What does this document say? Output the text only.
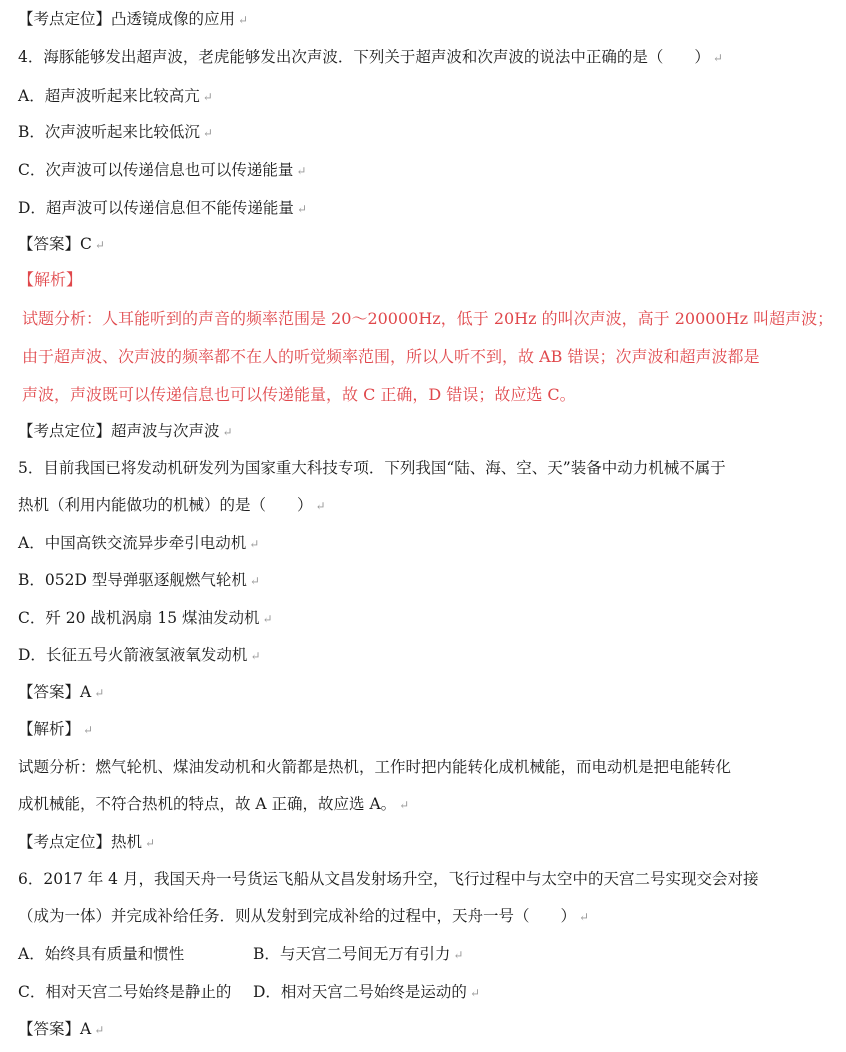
【考点定位】凸透镜成像的应用 ↵
4．海豚能够发出超声波，老虎能够发出次声波．下列关于超声波和次声波的说法中正确的是（　　） ↵
A．超声波听起来比较高亢 ↵
B．次声波听起来比较低沉 ↵
C．次声波可以传递信息也可以传递能量 ↵
D．超声波可以传递信息但不能传递能量 ↵
【答案】C ↵
【解析】
试题分析：人耳能听到的声音的频率范围是 20～20000Hz，低于 20Hz 的叫次声波，高于 20000Hz 叫超声波；
由于超声波、次声波的频率都不在人的听觉频率范围，所以人听不到，故 AB 错误；次声波和超声波都是
声波，声波既可以传递信息也可以传递能量，故 C 正确，D 错误；故应选 C。
【考点定位】超声波与次声波 ↵
5．目前我国已将发动机研发列为国家重大科技专项．下列我国“陆、海、空、天”装备中动力机械不属于
热机（利用内能做功的机械）的是（　　） ↵
A．中国高铁交流异步牵引电动机 ↵
B．052D 型导弹驱逐舰燃气轮机 ↵
C．歼 20 战机涡扇 15 煤油发动机 ↵
D．长征五号火箭液氢液氧发动机 ↵
【答案】A ↵
【解析】 ↵
试题分析：燃气轮机、煤油发动机和火箭都是热机，工作时把内能转化成机械能，而电动机是把电能转化
成机械能，不符合热机的特点，故 A 正确，故应选 A。 ↵
【考点定位】热机 ↵
6．2017 年 4 月，我国天舟一号货运飞船从文昌发射场升空，飞行过程中与太空中的天宫二号实现交会对接
（成为一体）并完成补给任务．则从发射到完成补给的过程中，天舟一号（　　） ↵
A．始终具有质量和惯性	B．与天宫二号间无万有引力 ↵
C．相对天宫二号始终是静止的 D．相对天宫二号始终是运动的 ↵
【答案】A ↵
